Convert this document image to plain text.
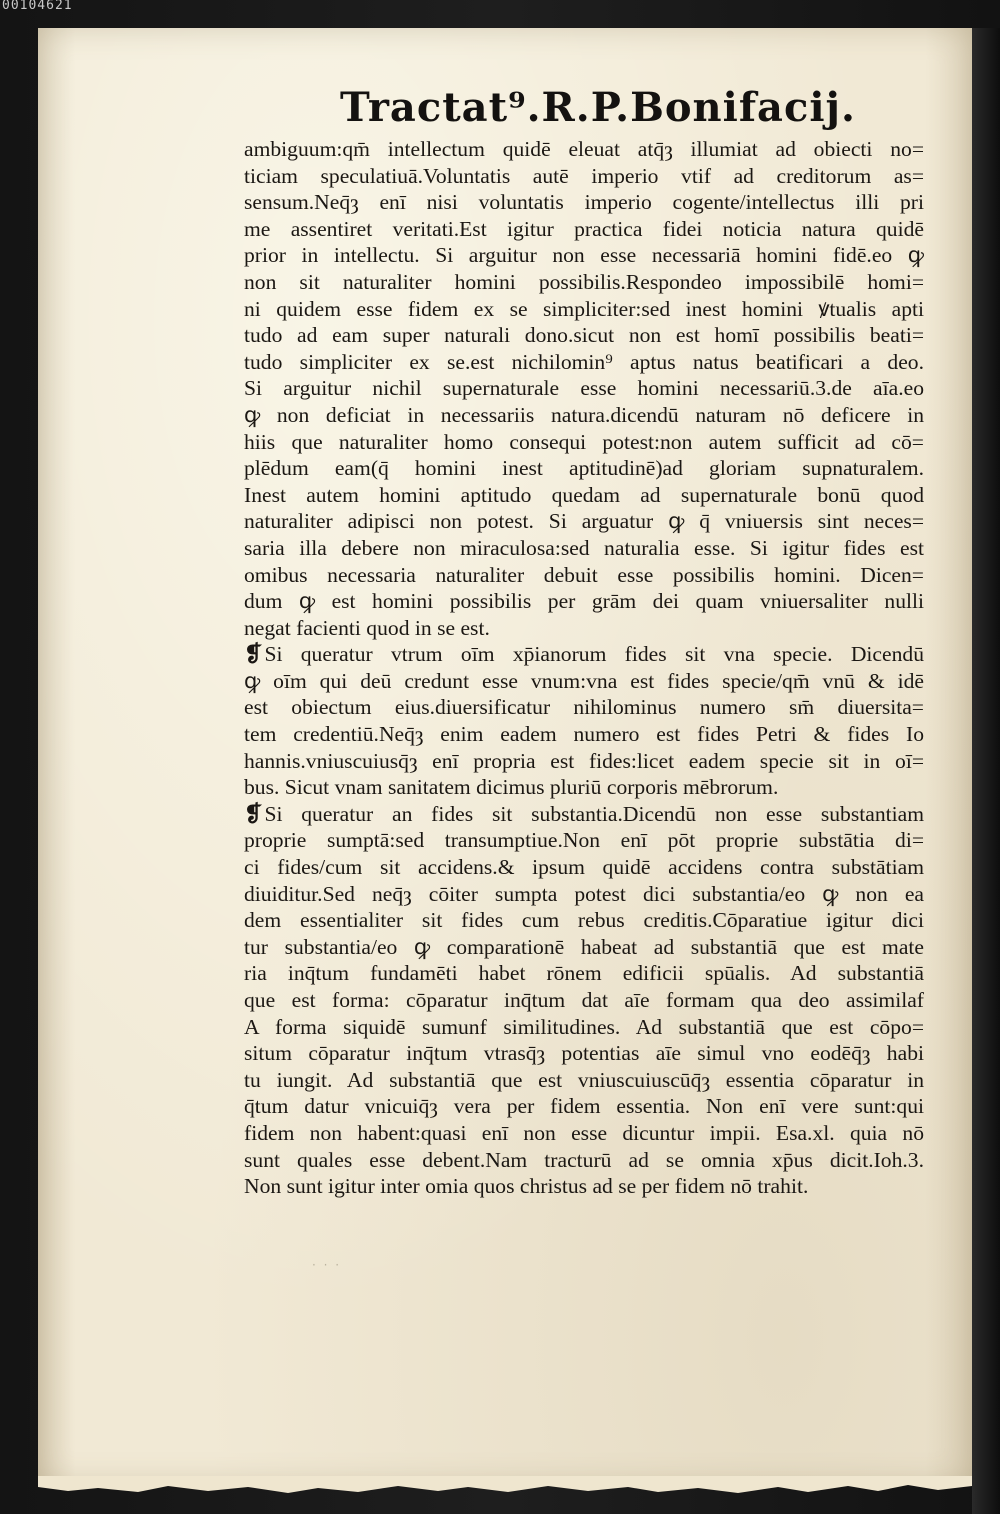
00104621
Tractat⁹.R.P.Bonifacij.
ambiguum:qm̄ intellectum quidē eleuat atq̄ȝ illumiat ad obiecti no=
ticiam speculatiuā.Voluntatis autē imperio vtif ad creditorum as=
sensum.Neq̄ȝ enī nisi voluntatis imperio cogente/intellectus illi pri
me assentiret veritati.Est igitur practica fidei noticia natura quidē
prior in intellectu. Si arguitur non esse necessariā homini fidē.eo ꝙ
non sit naturaliter homini possibilis.Respondeo impossibilē homi=
ni quidem esse fidem ex se simpliciter:sed inest homini ꝟtualis apti
tudo ad eam super naturali dono.sicut non est homī possibilis beati=
tudo simpliciter ex se.est nichilomin⁹ aptus natus beatificari a deo.
Si arguitur nichil supernaturale esse homini necessariū.3.de aīa.eo
ꝙ non deficiat in necessariis natura.dicendū naturam nō deficere in
hiis que naturaliter homo consequi potest:non autem sufficit ad cō=
plēdum eam(q̄ homini inest aptitudinē)ad gloriam supnaturalem.
Inest autem homini aptitudo quedam ad supernaturale bonū quod
naturaliter adipisci non potest. Si arguatur ꝙ q̄ vniuersis sint neces=
saria illa debere non miraculosa:sed naturalia esse. Si igitur fides est
omibus necessaria naturaliter debuit esse possibilis homini. Dicen=
dum ꝙ est homini possibilis per grām dei quam vniuersaliter nulli
negat facienti quod in se est.
❡Si queratur vtrum oīm xp̄ianorum fides sit vna specie. Dicendū
ꝙ oīm qui deū credunt esse vnum:vna est fides specie/qm̄ vnū & idē
est obiectum eius.diuersificatur nihilominus numero sm̄ diuersita=
tem credentiū.Neq̄ȝ enim eadem numero est fides Petri & fides Io
hannis.vniuscuiusq̄ȝ enī propria est fides:licet eadem specie sit in oī=
bus. Sicut vnam sanitatem dicimus pluriū corporis mēbrorum.
❡Si queratur an fides sit substantia.Dicendū non esse substantiam
proprie sumptā:sed transumptiue.Non enī pōt proprie substātia di=
ci fides/cum sit accidens.& ipsum quidē accidens contra substātiam
diuiditur.Sed neq̄ȝ cōiter sumpta potest dici substantia/eo ꝙ non ea
dem essentialiter sit fides cum rebus creditis.Cōparatiue igitur dici
tur substantia/eo ꝙ comparationē habeat ad substantiā que est mate
ria inq̄tum fundamēti habet rōnem edificii spūalis. Ad substantiā
que est forma: cōparatur inq̄tum dat aīe formam qua deo assimilaf
A forma siquidē sumunf similitudines. Ad substantiā que est cōpo=
situm cōparatur inq̄tum vtrasq̄ȝ potentias aīe simul vno eodēq̄ȝ habi
tu iungit. Ad substantiā que est vniuscuiuscūq̄ȝ essentia cōparatur in
q̄tum datur vnicuiq̄ȝ vera per fidem essentia. Non enī vere sunt:qui
fidem non habent:quasi enī non esse dicuntur impii. Esa.xl. quia nō
sunt quales esse debent.Nam tracturū ad se omnia xp̄us dicit.Ioh.3.
Non sunt igitur inter omia quos christus ad se per fidem nō trahit.
· · ·
